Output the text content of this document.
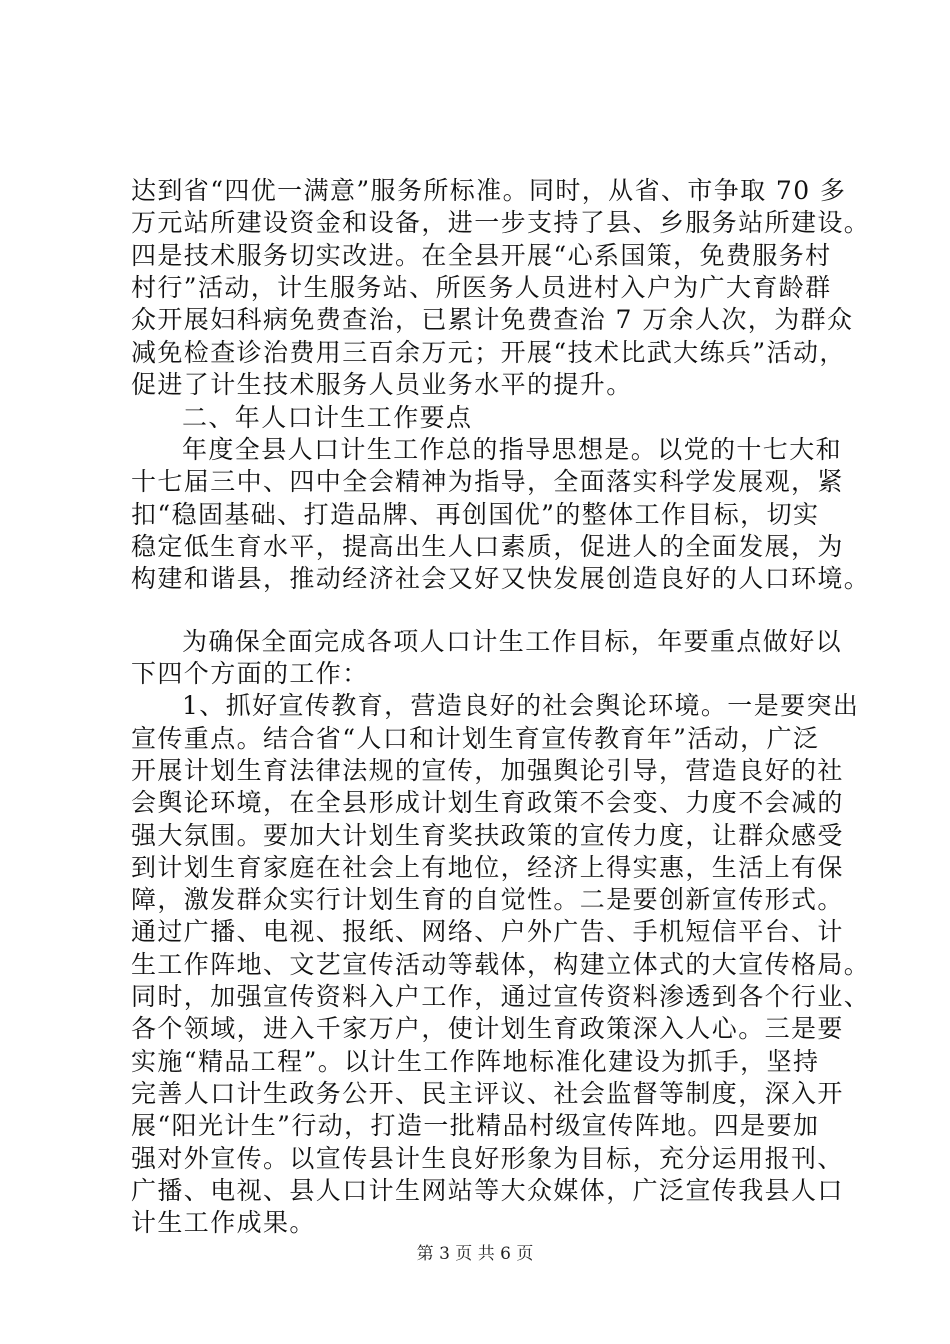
达到省“四优一满意”服务所标准。同时，从省、市争取 70 多
万元站所建设资金和设备，进一步支持了县、乡服务站所建设。
四是技术服务切实改进。在全县开展“心系国策，免费服务村
村行”活动，计生服务站、所医务人员进村入户为广大育龄群
众开展妇科病免费查治，已累计免费查治 7 万余人次，为群众
减免检查诊治费用三百余万元；开展“技术比武大练兵”活动，
促进了计生技术服务人员业务水平的提升。
二、年人口计生工作要点
年度全县人口计生工作总的指导思想是。以党的十七大和
十七届三中、四中全会精神为指导，全面落实科学发展观，紧
扣“稳固基础、打造品牌、再创国优”的整体工作目标，切实
稳定低生育水平，提高出生人口素质，促进人的全面发展，为
构建和谐县，推动经济社会又好又快发展创造良好的人口环境。
为确保全面完成各项人口计生工作目标，年要重点做好以
下四个方面的工作：
1、抓好宣传教育，营造良好的社会舆论环境。一是要突出
宣传重点。结合省“人口和计划生育宣传教育年”活动，广泛
开展计划生育法律法规的宣传，加强舆论引导，营造良好的社
会舆论环境，在全县形成计划生育政策不会变、力度不会减的
强大氛围。要加大计划生育奖扶政策的宣传力度，让群众感受
到计划生育家庭在社会上有地位，经济上得实惠，生活上有保
障，激发群众实行计划生育的自觉性。二是要创新宣传形式。
通过广播、电视、报纸、网络、户外广告、手机短信平台、计
生工作阵地、文艺宣传活动等载体，构建立体式的大宣传格局。
同时，加强宣传资料入户工作，通过宣传资料渗透到各个行业、
各个领域，进入千家万户，使计划生育政策深入人心。三是要
实施“精品工程”。以计生工作阵地标准化建设为抓手，坚持
完善人口计生政务公开、民主评议、社会监督等制度，深入开
展“阳光计生”行动，打造一批精品村级宣传阵地。四是要加
强对外宣传。以宣传县计生良好形象为目标，充分运用报刊、
广播、电视、县人口计生网站等大众媒体，广泛宣传我县人口
计生工作成果。
第 3 页 共 6 页
